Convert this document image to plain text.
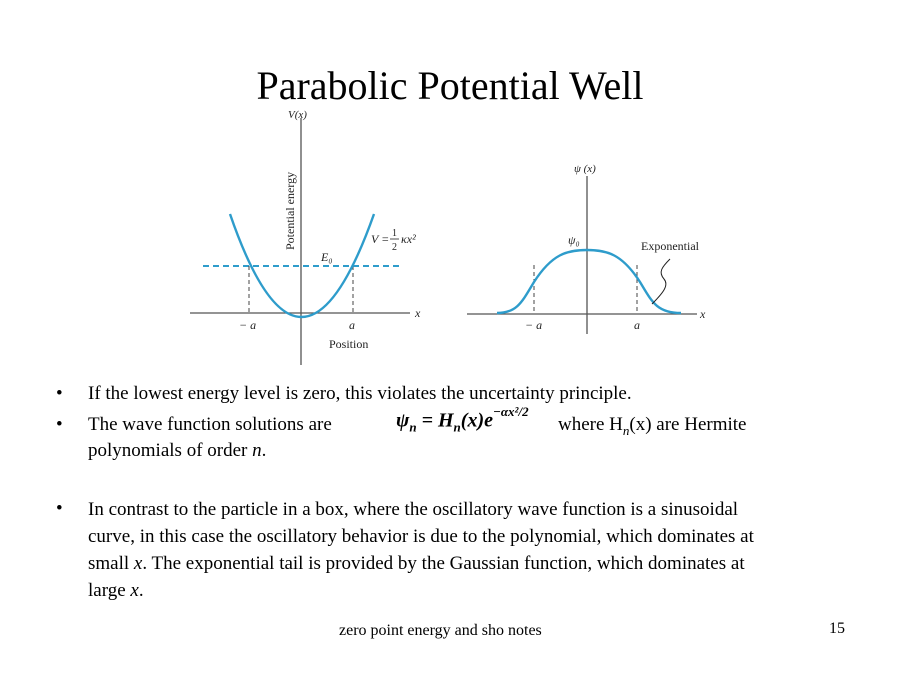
Parabolic Potential Well
V(x)
Potential energy
x
Position
E₀
− a	a
V = 1
2
κx²
ψ (x)
ψ₀
x
Exponential
− a	a
• If the lowest energy level is zero, this violates the uncertainty principle.
• The wave function solutions are	$\psi_n = H_n(x)e^{-\alpha x^2/2}$
where $H_n(x)$ are Hermite
polynomials of order n.
• In contrast to the particle in a box, where the oscillatory wave function is a sinusoidal
curve, in this case the oscillatory behavior is due to the polynomial, which dominates at
small x. The exponential tail is provided by the Gaussian function, which dominates at
large x.
zero point energy and sho notes	15
